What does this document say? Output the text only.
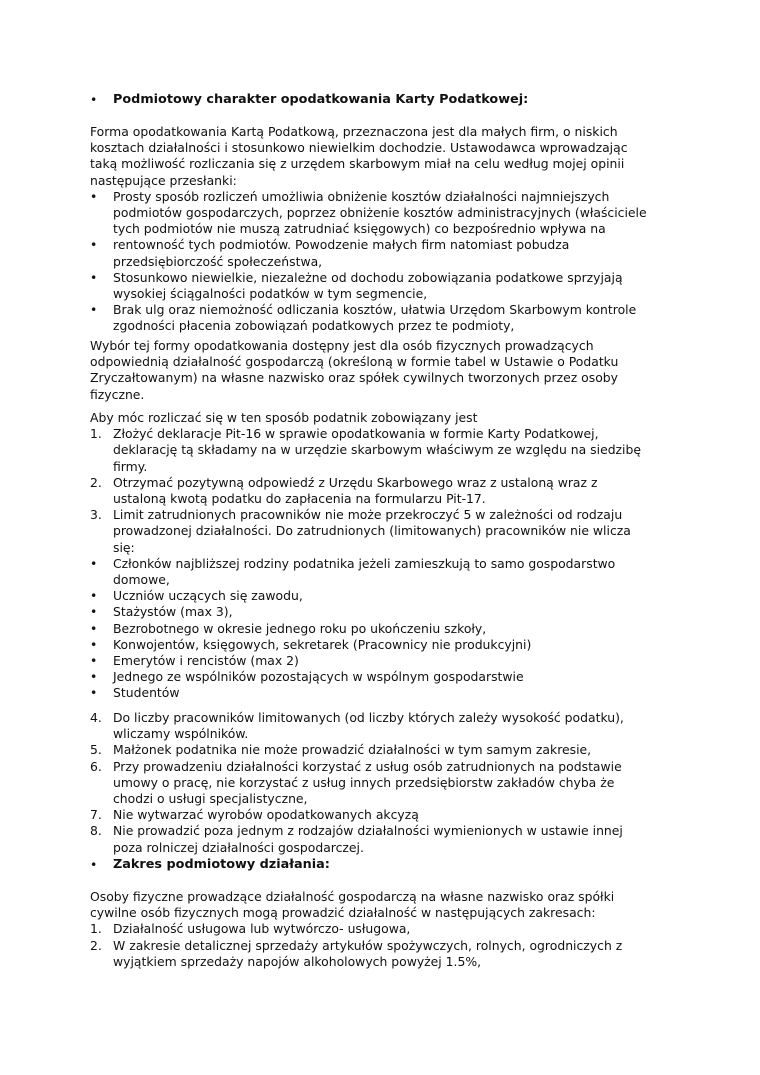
• Podmiotowy charakter opodatkowania Karty Podatkowej:
Forma opodatkowania Kartą Podatkową, przeznaczona jest dla małych firm, o niskich
kosztach działalności i stosunkowo niewielkim dochodzie. Ustawodawca wprowadzając
taką możliwość rozliczania się z urzędem skarbowym miał na celu według mojej opinii
następujące przesłanki:
• Prosty sposób rozliczeń umożliwia obniżenie kosztów działalności najmniejszych
podmiotów gospodarczych, poprzez obniżenie kosztów administracyjnych (właściciele
tych podmiotów nie muszą zatrudniać księgowych) co bezpośrednio wpływa na
• rentowność tych podmiotów. Powodzenie małych firm natomiast pobudza
przedsiębiorczość społeczeństwa,
• Stosunkowo niewielkie, niezależne od dochodu zobowiązania podatkowe sprzyjają
wysokiej ściągalności podatków w tym segmencie,
• Brak ulg oraz niemożność odliczania kosztów, ułatwia Urzędom Skarbowym kontrole
zgodności płacenia zobowiązań podatkowych przez te podmioty,
Wybór tej formy opodatkowania dostępny jest dla osób fizycznych prowadzących
odpowiednią działalność gospodarczą (określoną w formie tabel w Ustawie o Podatku
Zryczałtowanym) na własne nazwisko oraz spółek cywilnych tworzonych przez osoby
fizyczne.
Aby móc rozliczać się w ten sposób podatnik zobowiązany jest
1. Złożyć deklaracje Pit-16 w sprawie opodatkowania w formie Karty Podatkowej,
deklarację tą składamy na w urzędzie skarbowym właściwym ze względu na siedzibę
firmy.
2. Otrzymać pozytywną odpowiedź z Urzędu Skarbowego wraz z ustaloną wraz z
ustaloną kwotą podatku do zapłacenia na formularzu Pit-17.
3. Limit zatrudnionych pracowników nie może przekroczyć 5 w zależności od rodzaju
prowadzonej działalności. Do zatrudnionych (limitowanych) pracowników nie wlicza
się:
• Członków najbliższej rodziny podatnika jeżeli zamieszkują to samo gospodarstwo
domowe,
• Uczniów uczących się zawodu,
• Stażystów (max 3),
• Bezrobotnego w okresie jednego roku po ukończeniu szkoły,
• Konwojentów, księgowych, sekretarek (Pracownicy nie produkcyjni)
• Emerytów i rencistów (max 2)
• Jednego ze wspólników pozostających w wspólnym gospodarstwie
• Studentów
4. Do liczby pracowników limitowanych (od liczby których zależy wysokość podatku),
wliczamy wspólników.
5. Małżonek podatnika nie może prowadzić działalności w tym samym zakresie,
6. Przy prowadzeniu działalności korzystać z usług osób zatrudnionych na podstawie
umowy o pracę, nie korzystać z usług innych przedsiębiorstw zakładów chyba że
chodzi o usługi specjalistyczne,
7. Nie wytwarzać wyrobów opodatkowanych akcyzą
8. Nie prowadzić poza jednym z rodzajów działalności wymienionych w ustawie innej
poza rolniczej działalności gospodarczej.
• Zakres podmiotowy działania:
Osoby fizyczne prowadzące działalność gospodarczą na własne nazwisko oraz spółki
cywilne osób fizycznych mogą prowadzić działalność w następujących zakresach:
1. Działalność usługowa lub wytwórczo- usługowa,
2. W zakresie detalicznej sprzedaży artykułów spożywczych, rolnych, ogrodniczych z
wyjątkiem sprzedaży napojów alkoholowych powyżej 1.5%,
